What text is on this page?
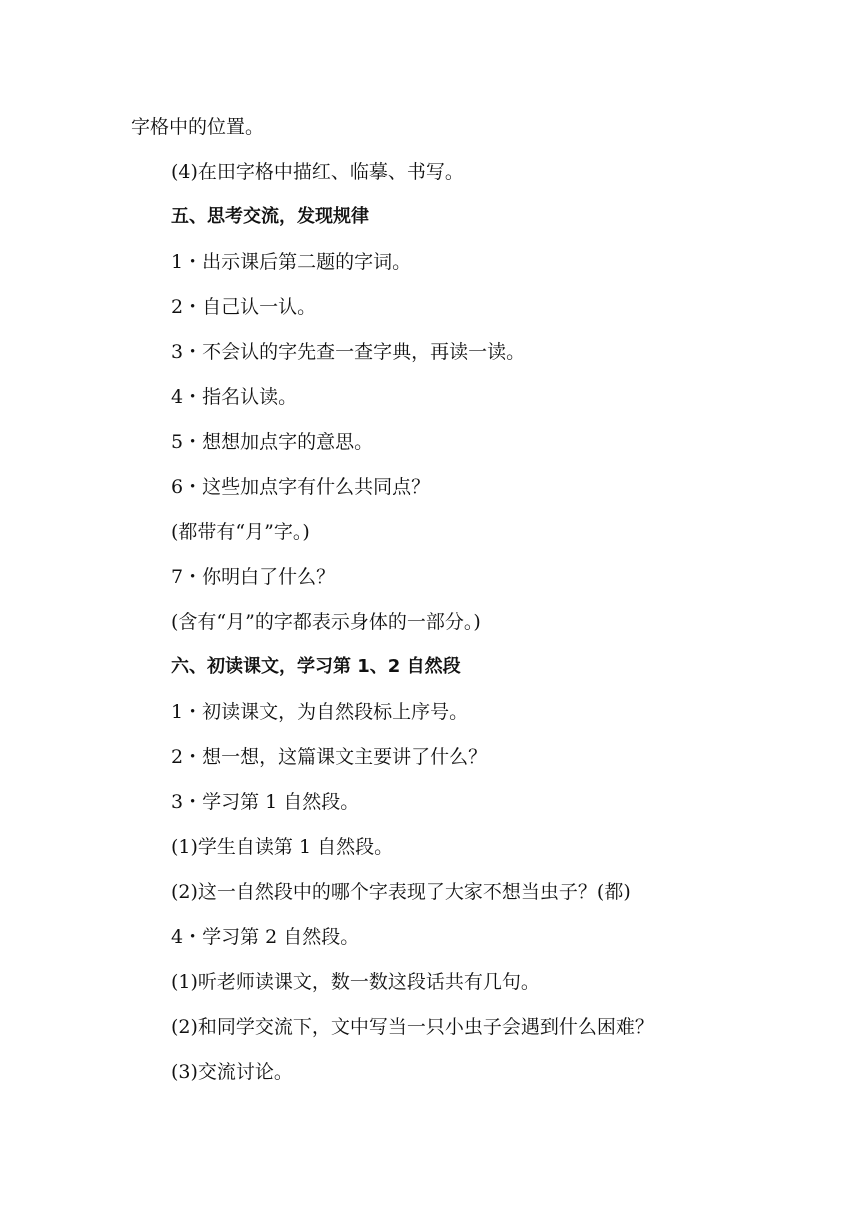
字格中的位置。
(4)在田字格中描红、临摹、书写。
五、思考交流，发现规律
1・出示课后第二题的字词。
2・自己认一认。
3・不会认的字先查一查字典，再读一读。
4・指名认读。
5・想想加点字的意思。
6・这些加点字有什么共同点？
(都带有“月”字。)
7・你明白了什么？
(含有“月”的字都表示身体的一部分。)
六、初读课文，学习第 1、2 自然段
1・初读课文，为自然段标上序号。
2・想一想，这篇课文主要讲了什么？
3・学习第 1 自然段。
(1)学生自读第 1 自然段。
(2)这一自然段中的哪个字表现了大家不想当虫子？(都)
4・学习第 2 自然段。
(1)听老师读课文，数一数这段话共有几句。
(2)和同学交流下，文中写当一只小虫子会遇到什么困难？
(3)交流讨论。
